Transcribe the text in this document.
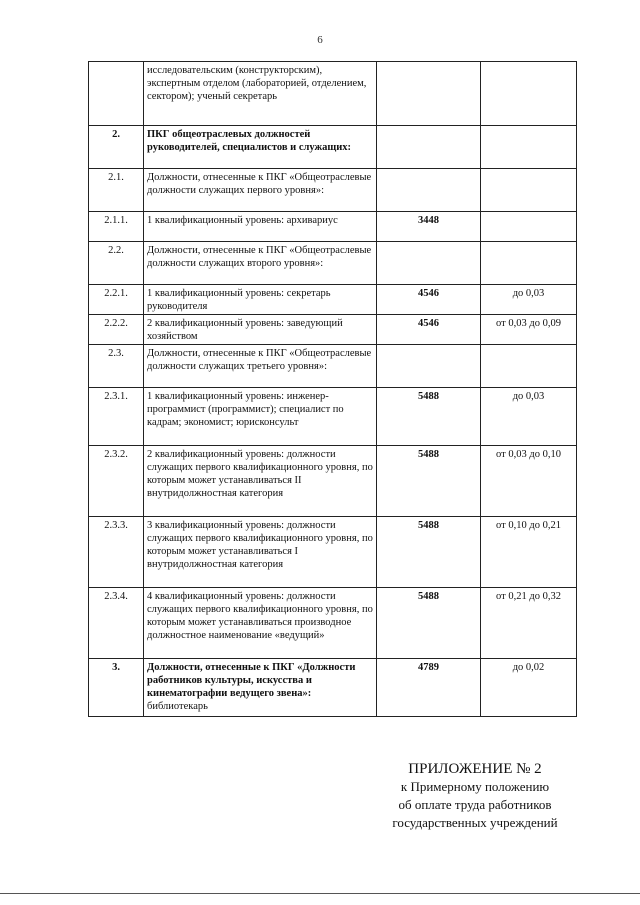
6
	исследовательским (конструкторским), экспертным отделом (лабораторией, отделением, сектором); ученый секретарь		
2.	ПКГ общеотраслевых должностей руководителей, специалистов и служащих:		
2.1.	Должности, отнесенные к ПКГ «Общеотраслевые должности служащих первого уровня»:		
2.1.1.	1 квалификационный уровень: архивариус	3448	
2.2.	Должности, отнесенные к ПКГ «Общеотраслевые должности служащих второго уровня»:		
2.2.1.	1 квалификационный уровень: секретарь руководителя	4546	до 0,03
2.2.2.	2 квалификационный уровень: заведующий хозяйством	4546	от 0,03 до 0,09
2.3.	Должности, отнесенные к ПКГ «Общеотраслевые должности служащих третьего уровня»:		
2.3.1.	1 квалификационный уровень: инженер-программист (программист); специалист по кадрам; экономист; юрисконсульт	5488	до 0,03
2.3.2.	2 квалификационный уровень: должности служащих первого квалификационного уровня, по которым может устанавливаться II внутридолжностная категория	5488	от 0,03 до 0,10
2.3.3.	3 квалификационный уровень: должности служащих первого квалификационного уровня, по которым может устанавливаться I внутридолжностная категория	5488	от 0,10 до 0,21
2.3.4.	4 квалификационный уровень: должности служащих первого квалификационного уровня, по которым может устанавливаться производное должностное наименование «ведущий»	5488	от 0,21 до 0,32
3.	Должности, отнесенные к ПКГ «Должности работников культуры, искусства и кинематографии ведущего звена»: библиотекарь	4789	до 0,02
ПРИЛОЖЕНИЕ № 2
к Примерному положению
об оплате труда работников
государственных учреждений
